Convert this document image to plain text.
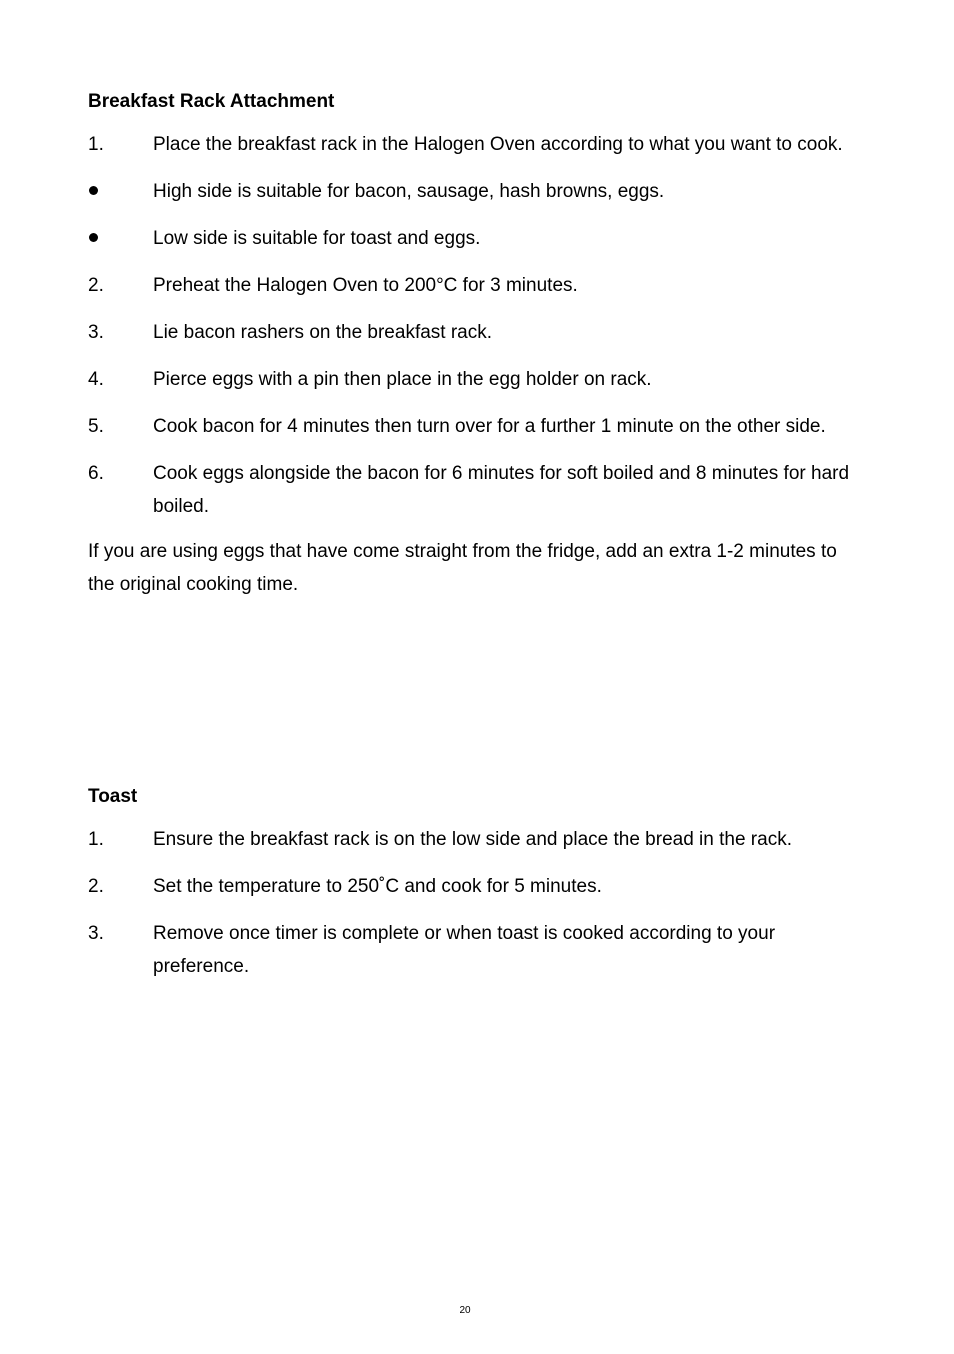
Breakfast Rack Attachment
1.	Place the breakfast rack in the Halogen Oven according to what you want to cook.
High side is suitable for bacon, sausage, hash browns, eggs.
Low side is suitable for toast and eggs.
2.	Preheat the Halogen Oven to 200°C for 3 minutes.
3.	Lie bacon rashers on the breakfast rack.
4.	Pierce eggs with a pin then place in the egg holder on rack.
5.	Cook bacon for 4 minutes then turn over for a further 1 minute on the other side.
6.	Cook eggs alongside the bacon for 6 minutes for soft boiled and 8 minutes for hard boiled.
If you are using eggs that have come straight from the fridge, add an extra 1-2 minutes to the original cooking time.
Toast
1.	Ensure the breakfast rack is on the low side and place the bread in the rack.
2.	Set the temperature to 250˚C and cook for 5 minutes.
3.	Remove once timer is complete or when toast is cooked according to your preference.
20
